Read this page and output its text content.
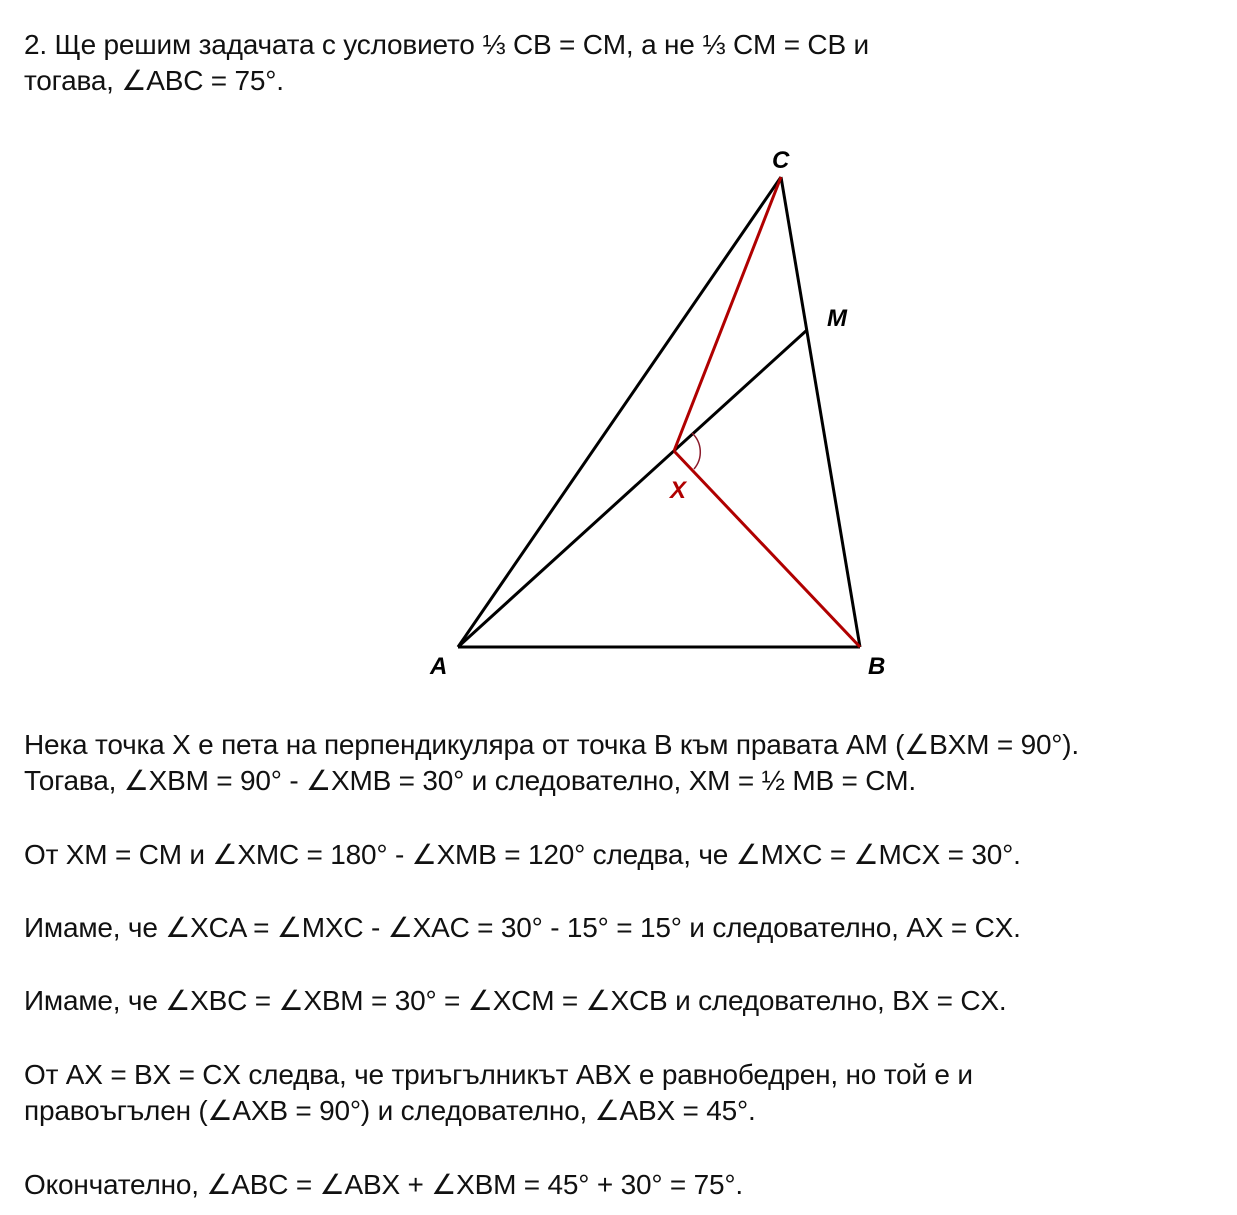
2. Ще решим задачата с условието ⅓ CB = CM, а не ⅓ CM = CB и
тогава, ∠ABC = 75°.
C
M
X
A	B
Нека точка X е пета на перпендикуляра от точка B към правата AM (∠BXM = 90°).
Тогава, ∠XBM = 90° - ∠XMB = 30° и следователно, XM = ½ MB = CM.
От XM = CM и ∠XMC = 180° - ∠XMB = 120° следва, че ∠MXC = ∠MCX = 30°.
Имаме, че ∠XCA = ∠MXC - ∠XAC = 30° - 15° = 15° и следователно, AX = CX.
Имаме, че ∠XBC = ∠XBM = 30° = ∠XCM = ∠XCB и следователно, BX = CX.
От AX = BX = CX следва, че триъгълникът ABX е равнобедрен, но той е и
правоъгълен (∠AXB = 90°) и следователно, ∠ABX = 45°.
Окончателно, ∠ABC = ∠ABX + ∠XBM = 45° + 30° = 75°.
